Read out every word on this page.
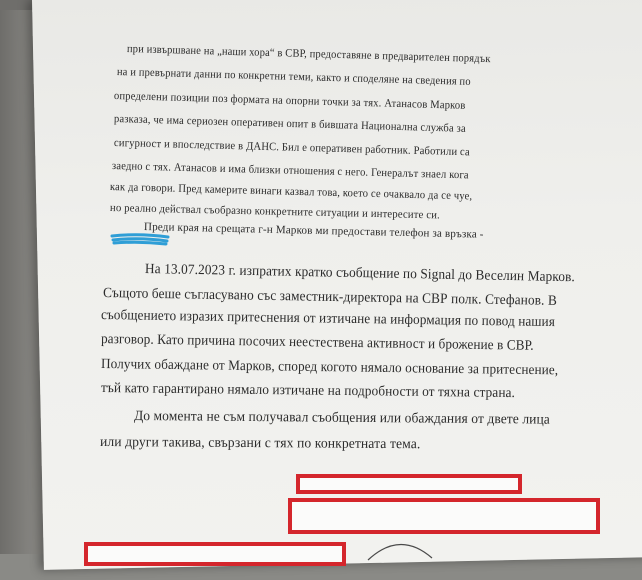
при извършване на „наши хора“ в СВР, предоставяне в предварителен порядък
на и превърнати данни по конкретни теми, както и споделяне на сведения по
определени позиции поз формата на опорни точки за тях. Атанасов Марков
разказа, че има сериозен оперативен опит в бившата Национална служба за
сигурност и впоследствие в ДАНС. Бил е оперативен работник. Работили са
заедно с тях. Атанасов и има близки отношения с него. Генералът знаел кога
как да говори. Пред камерите винаги казвал това, което се очаквало да се чуе,
но реално действал съобразно конкретните ситуации и интересите си.
Преди края на срещата г-н Марков ми предостави телефон за връзка -
На 13.07.2023 г. изпратих кратко съобщение по Signal до Веселин Марков.
Същото беше съгласувано със заместник-директора на СВР полк. Стефанов. В
съобщението изразих притеснения от изтичане на информация по повод нашия
разговор. Като причина посочих неестествена активност и брожение в СВР.
Получих обаждане от Марков, според когото нямало основание за притеснение,
тъй като гарантирано нямало изтичане на подробности от тяхна страна.
До момента не съм получавал съобщения или обаждания от двете лица
или други такива, свързани с тях по конкретната тема.
